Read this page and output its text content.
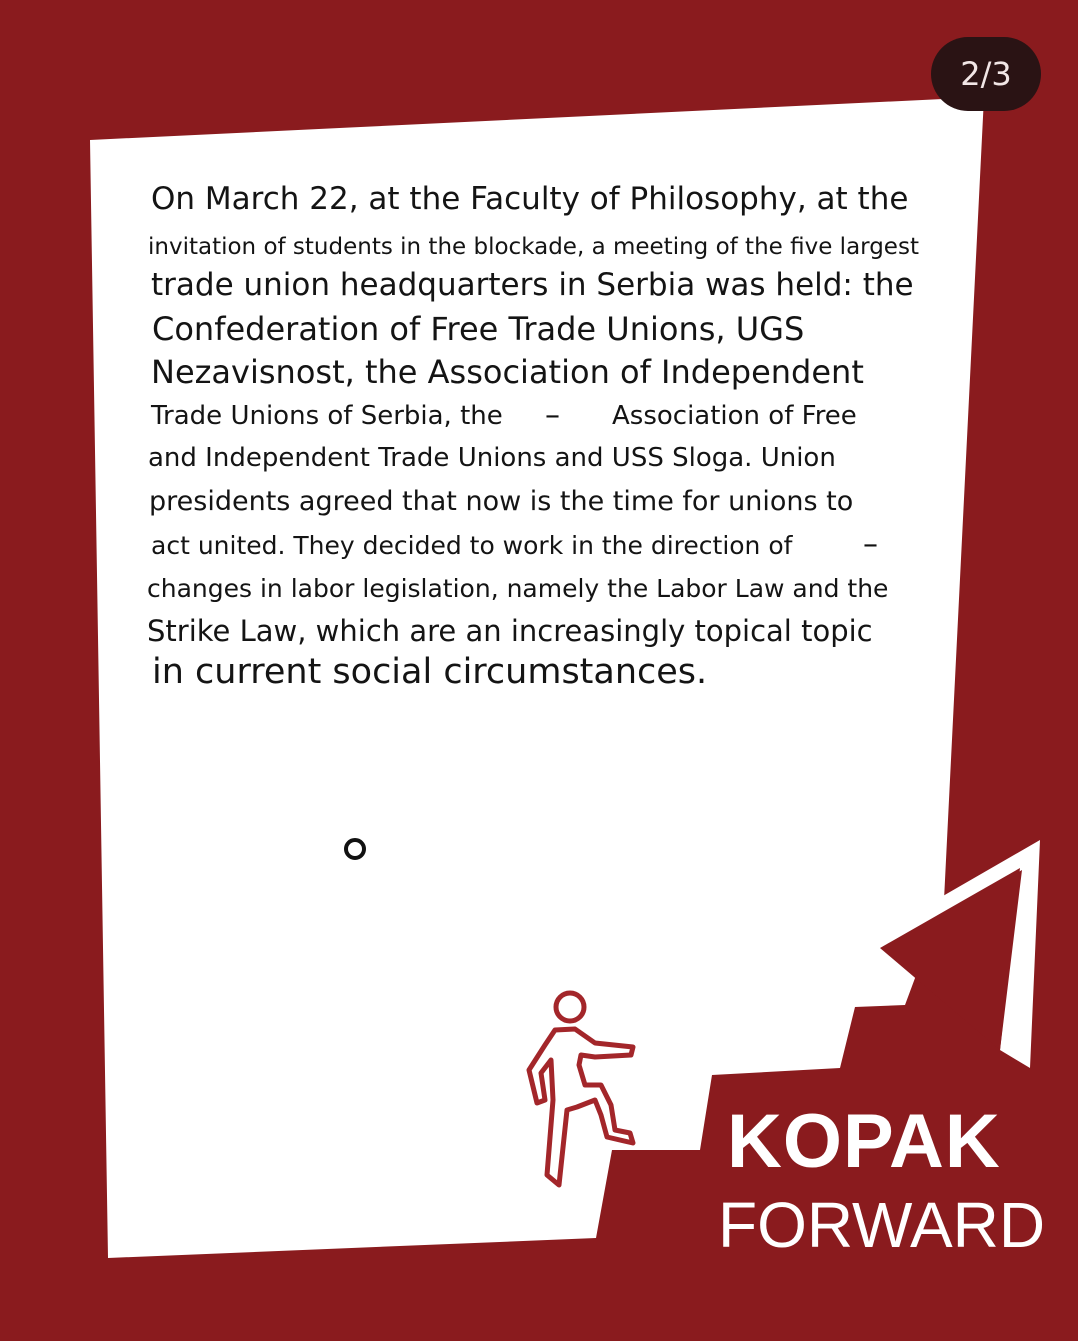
2/3
On March 22, at the Faculty of Philosophy, at the
invitation of students in the blockade, a meeting of the five largest
trade union headquarters in Serbia was held: the
Confederation of Free Trade Unions, UGS
Nezavisnost, the Association of Independent
Trade Unions of Serbia, the – Association of Free
and Independent Trade Unions and USS Sloga. Union
presidents agreed that now is the time for unions to
act united. They decided to work in the direction of –
changes in labor legislation, namely the Labor Law and the
Strike Law, which are an increasingly topical topic
in current social circumstances.
KOPAK
FORWARD
